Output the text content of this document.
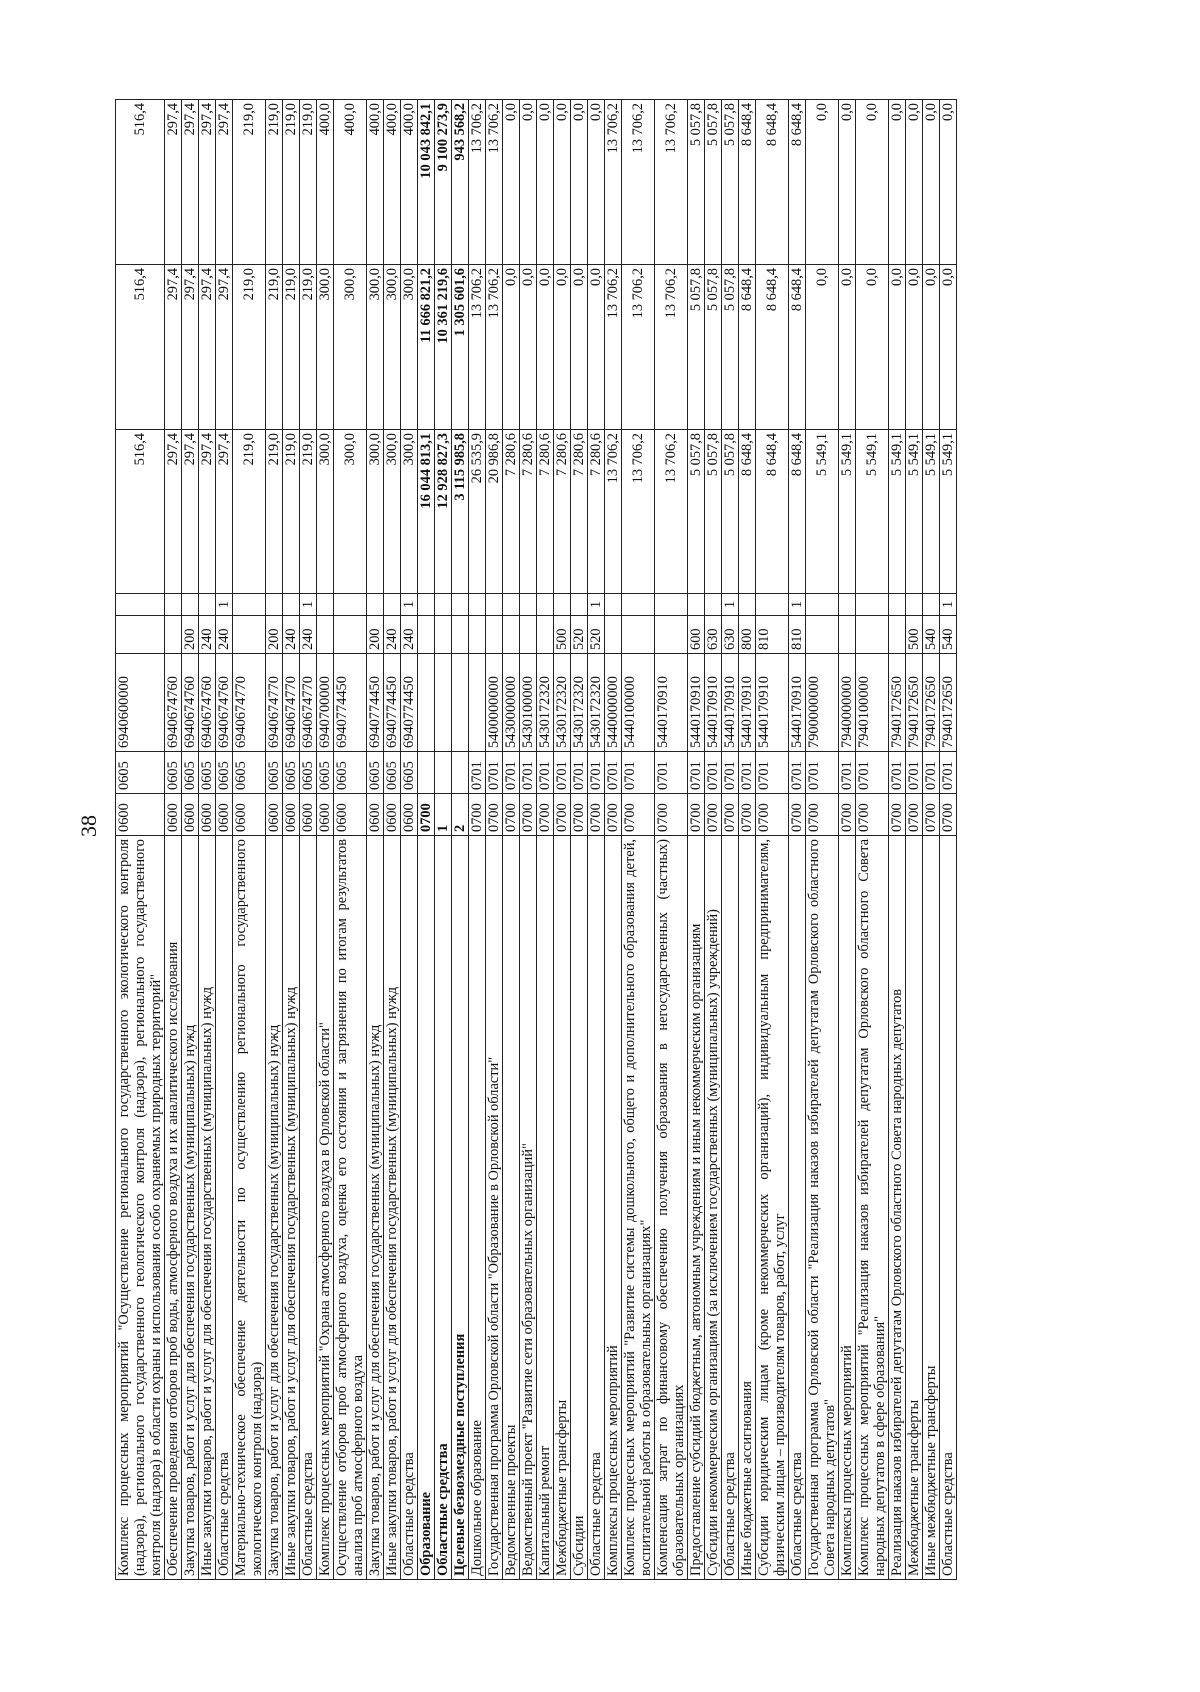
38
Комплекс процессных мероприятий "Осуществление регионального государственного экологического контроля (надзора), регионального государственного геологического контроля (надзора), регионального государственного контроля (надзора) в области охраны и использования особо охраняемых природных территорий"	0600	0605	6940600000			516,4	516,4	516,4
Обеспечение проведения отборов проб воды, атмосферного воздуха и их аналитического исследования	0600	0605	6940674760			297,4	297,4	297,4
Закупка товаров, работ и услуг для обеспечения государственных (муниципальных) нужд	0600	0605	6940674760	200		297,4	297,4	297,4
Иные закупки товаров, работ и услуг для обеспечения государственных (муниципальных) нужд	0600	0605	6940674760	240		297,4	297,4	297,4
Областные средства	0600	0605	6940674760	240	1	297,4	297,4	297,4
Материально-техническое обеспечение деятельности по осуществлению регионального государственного экологического контроля (надзора)	0600	0605	6940674770			219,0	219,0	219,0
Закупка товаров, работ и услуг для обеспечения государственных (муниципальных) нужд	0600	0605	6940674770	200		219,0	219,0	219,0
Иные закупки товаров, работ и услуг для обеспечения государственных (муниципальных) нужд	0600	0605	6940674770	240		219,0	219,0	219,0
Областные средства	0600	0605	6940674770	240	1	219,0	219,0	219,0
Комплекс процессных мероприятий "Охрана атмосферного воздуха в Орловской области"	0600	0605	6940700000			300,0	300,0	400,0
Осуществление отборов проб атмосферного воздуха, оценка его состояния и загрязнения по итогам результатов анализа проб атмосферного воздуха	0600	0605	6940774450			300,0	300,0	400,0
Закупка товаров, работ и услуг для обеспечения государственных (муниципальных) нужд	0600	0605	6940774450	200		300,0	300,0	400,0
Иные закупки товаров, работ и услуг для обеспечения государственных (муниципальных) нужд	0600	0605	6940774450	240		300,0	300,0	400,0
Областные средства	0600	0605	6940774450	240	1	300,0	300,0	400,0
Образование	0700					16 044 813,1	11 666 821,2	10 043 842,1
Областные средства	1					12 928 827,3	10 361 219,6	9 100 273,9
Целевые безвозмездные поступления	2					3 115 985,8	1 305 601,6	943 568,2
Дошкольное образование	0700	0701				26 535,9	13 706,2	13 706,2
Государственная программа Орловской области "Образование в Орловской области"	0700	0701	5400000000			20 986,8	13 706,2	13 706,2
Ведомственные проекты	0700	0701	5430000000			7 280,6	0,0	0,0
Ведомственный проект "Развитие сети образовательных организаций"	0700	0701	5430100000			7 280,6	0,0	0,0
Капитальный ремонт	0700	0701	5430172320			7 280,6	0,0	0,0
Межбюджетные трансферты	0700	0701	5430172320	500		7 280,6	0,0	0,0
Субсидии	0700	0701	5430172320	520		7 280,6	0,0	0,0
Областные средства	0700	0701	5430172320	520	1	7 280,6	0,0	0,0
Комплексы процессных мероприятий	0700	0701	5440000000			13 706,2	13 706,2	13 706,2
Комплекс процессных мероприятий "Развитие системы дошкольного, общего и дополнительного образования детей, воспитательной работы в образовательных организациях"	0700	0701	5440100000			13 706,2	13 706,2	13 706,2
Компенсация затрат по финансовому обеспечению получения образования в негосударственных (частных) образовательных организациях	0700	0701	5440170910			13 706,2	13 706,2	13 706,2
Предоставление субсидий бюджетным, автономным учреждениям и иным некоммерческим организациям	0700	0701	5440170910	600		5 057,8	5 057,8	5 057,8
Субсидии некоммерческим организациям (за исключением государственных (муниципальных) учреждений)	0700	0701	5440170910	630		5 057,8	5 057,8	5 057,8
Областные средства	0700	0701	5440170910	630	1	5 057,8	5 057,8	5 057,8
Иные бюджетные ассигнования	0700	0701	5440170910	800		8 648,4	8 648,4	8 648,4
Субсидии юридическим лицам (кроме некоммерческих организаций), индивидуальным предпринимателям, физическим лицам – производителям товаров, работ, услуг	0700	0701	5440170910	810		8 648,4	8 648,4	8 648,4
Областные средства	0700	0701	5440170910	810	1	8 648,4	8 648,4	8 648,4
Государственная программа Орловской области "Реализация наказов избирателей депутатам Орловского областного Совета народных депутатов"	0700	0701	7900000000			5 549,1	0,0	0,0
Комплексы процессных мероприятий	0700	0701	7940000000			5 549,1	0,0	0,0
Комплекс процессных мероприятий "Реализация наказов избирателей депутатам Орловского областного Совета народных депутатов в сфере образования"	0700	0701	7940100000			5 549,1	0,0	0,0
Реализация наказов избирателей депутатам Орловского областного Совета народных депутатов	0700	0701	7940172650			5 549,1	0,0	0,0
Межбюджетные трансферты	0700	0701	7940172650	500		5 549,1	0,0	0,0
Иные межбюджетные трансферты	0700	0701	7940172650	540		5 549,1	0,0	0,0
Областные средства	0700	0701	7940172650	540	1	5 549,1	0,0	0,0
